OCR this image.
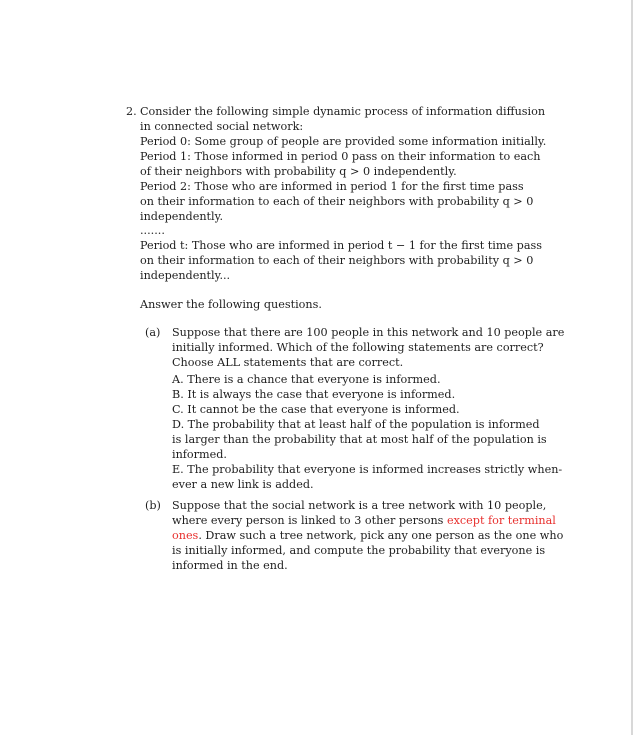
2. Consider the following simple dynamic process of information diffusion
in connected social network:
Period 0: Some group of people are provided some information initially.
Period 1: Those informed in period 0 pass on their information to each
of their neighbors with probability q > 0 independently.
Period 2: Those who are informed in period 1 for the first time pass
on their information to each of their neighbors with probability q > 0
independently.
.......
Period t: Those who are informed in period t − 1 for the first time pass
on their information to each of their neighbors with probability q > 0
independently...
Answer the following questions.
(a) Suppose that there are 100 people in this network and 10 people are
initially informed. Which of the following statements are correct?
Choose ALL statements that are correct.
A. There is a chance that everyone is informed.
B. It is always the case that everyone is informed.
C. It cannot be the case that everyone is informed.
D. The probability that at least half of the population is informed
is larger than the probability that at most half of the population is
informed.
E. The probability that everyone is informed increases strictly when-
ever a new link is added.
(b) Suppose that the social network is a tree network with 10 people,
where every person is linked to 3 other persons except for terminal
ones. Draw such a tree network, pick any one person as the one who
is initially informed, and compute the probability that everyone is
informed in the end.
